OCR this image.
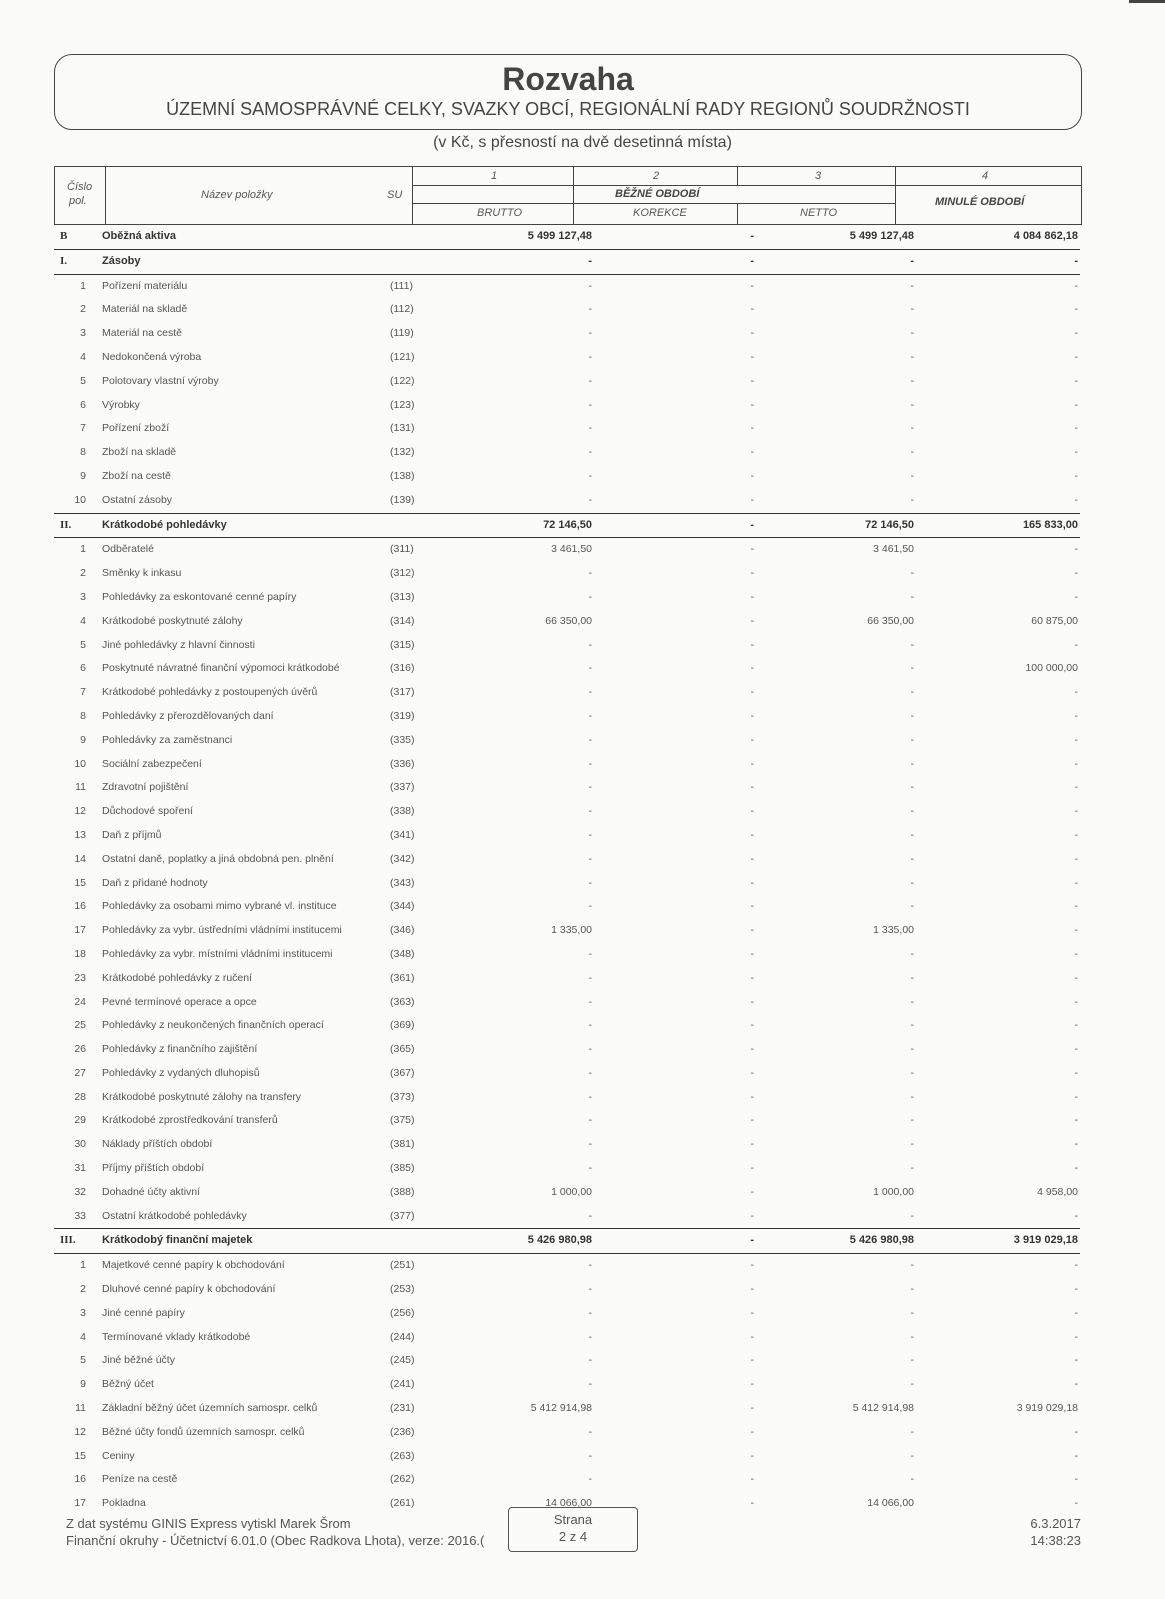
Rozvaha
ÚZEMNÍ SAMOSPRÁVNÉ CELKY, SVAZKY OBCÍ, REGIONÁLNÍ RADY REGIONŮ SOUDRŽNOSTI
(v Kč, s přesností na dvě desetinná místa)
Číslo
pol.	Název položky	SU
1	2	3	4
BĚŽNÉ OBDOBÍ
MINULÉ OBDOBÍ
BRUTTO	KOREKCE	NETTO
B	Oběžná aktiva	5 499 127,48	-	5 499 127,48	4 084 862,18
I.	Zásoby	-	-	-	-
1 Pořízení materiálu	(111)	-	-	-	-
2 Materiál na skladě	(112)	-	-	-	-
3 Materiál na cestě	(119)	-	-	-	-
4 Nedokončená výroba	(121)	-	-	-	-
5 Polotovary vlastní výroby	(122)	-	-	-	-
6 Výrobky	(123)	-	-	-	-
7 Pořízení zboží	(131)	-	-	-	-
8 Zboží na skladě	(132)	-	-	-	-
9 Zboží na cestě	(138)	-	-	-	-
10 Ostatní zásoby	(139)	-	-	-	-
II.	Krátkodobé pohledávky	72 146,50	-	72 146,50	165 833,00
1 Odběratelé	(311)	3 461,50	-	3 461,50	-
2 Směnky k inkasu	(312)	-	-	-	-
3 Pohledávky za eskontované cenné papíry	(313)	-	-	-	-
4 Krátkodobé poskytnuté zálohy	(314)	66 350,00	-	66 350,00	60 875,00
5 Jiné pohledávky z hlavní činnosti	(315)	-	-	-	-
6 Poskytnuté návratné finanční výpomoci krátkodobé	(316)	-	-	-	100 000,00
7 Krátkodobé pohledávky z postoupených úvěrů	(317)	-	-	-	-
8 Pohledávky z přerozdělovaných daní	(319)	-	-	-	-
9 Pohledávky za zaměstnanci	(335)	-	-	-	-
10 Sociální zabezpečení	(336)	-	-	-	-
11 Zdravotní pojištění	(337)	-	-	-	-
12 Důchodové spoření	(338)	-	-	-	-
13 Daň z příjmů	(341)	-	-	-	-
14 Ostatní daně, poplatky a jiná obdobná pen. plnění	(342)	-	-	-	-
15 Daň z přidané hodnoty	(343)	-	-	-	-
16 Pohledávky za osobami mimo vybrané vl. instituce	(344)	-	-	-	-
17 Pohledávky za vybr. ústředními vládními institucemi	(346)	1 335,00	-	1 335,00	-
18 Pohledávky za vybr. místními vládními institucemi	(348)	-	-	-	-
23 Krátkodobé pohledávky z ručení	(361)	-	-	-	-
24 Pevné termínové operace a opce	(363)	-	-	-	-
25 Pohledávky z neukončených finančních operací	(369)	-	-	-	-
26 Pohledávky z finančního zajištění	(365)	-	-	-	-
27 Pohledávky z vydaných dluhopisů	(367)	-	-	-	-
28 Krátkodobé poskytnuté zálohy na transfery	(373)	-	-	-	-
29 Krátkodobé zprostředkování transferů	(375)	-	-	-	-
30 Náklady příštích období	(381)	-	-	-	-
31 Příjmy příštích období	(385)	-	-	-	-
32 Dohadné účty aktivní	(388)	1 000,00	-	1 000,00	4 958,00
33 Ostatní krátkodobé pohledávky	(377)	-	-	-	-
III. Krátkodobý finanční majetek	5 426 980,98	-	5 426 980,98	3 919 029,18
1 Majetkové cenné papíry k obchodování	(251)	-	-	-	-
2 Dluhové cenné papíry k obchodování	(253)	-	-	-	-
3 Jiné cenné papíry	(256)	-	-	-	-
4 Termínované vklady krátkodobé	(244)	-	-	-	-
5 Jiné běžné účty	(245)	-	-	-	-
9 Běžný účet	(241)	-	-	-	-
11 Základní běžný účet územních samospr. celků	(231)	5 412 914,98	-	5 412 914,98	3 919 029,18
12 Běžné účty fondů územních samospr. celků	(236)	-	-	-	-
15 Ceniny	(263)	-	-	-	-
16 Peníze na cestě	(262)	-	-	-	-
17 Pokladna	(261)	14 066,00	-	14 066,00	-
Z dat systému GINIS Express vytiskl Marek Šrom
Finanční okruhy - Účetnictví 6.01.0 (Obec Radkova Lhota), verze: 2016.(
Strana
2 z 4
6.3.2017
14:38:23
